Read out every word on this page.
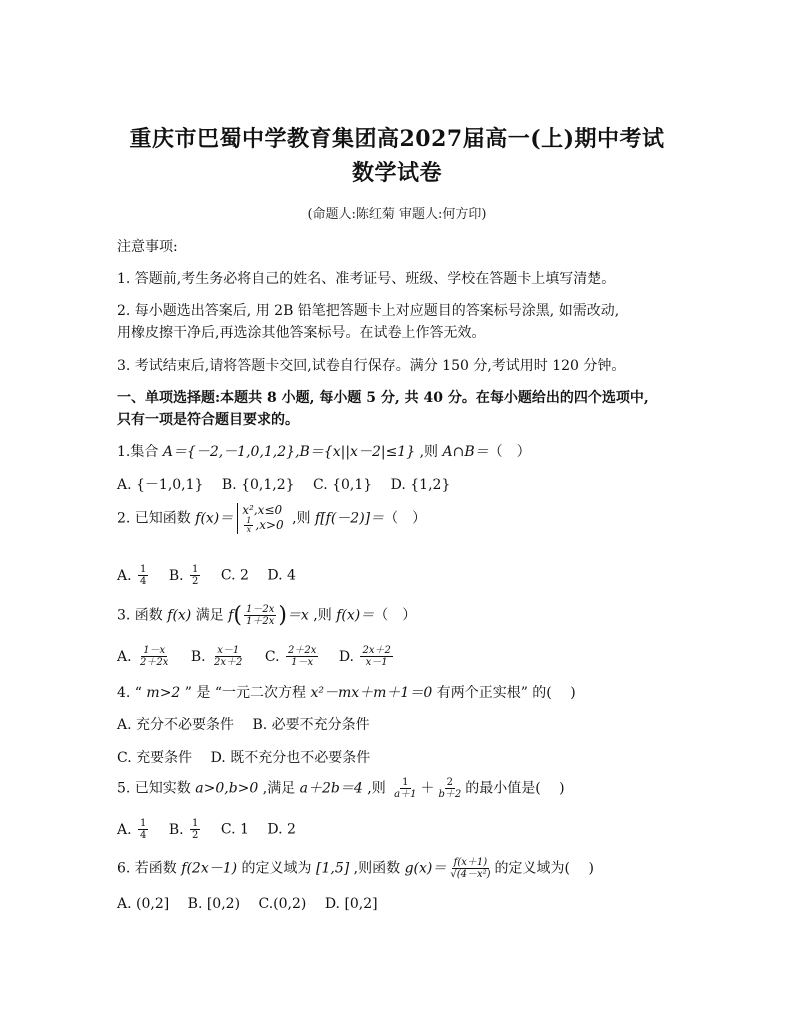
重庆市巴蜀中学教育集团高2027届高一(上)期中考试
数学试卷
(命题人:陈红菊 审题人:何方印)
注意事项:
1. 答题前,考生务必将自己的姓名、准考证号、班级、学校在答题卡上填写清楚。
2. 每小题选出答案后, 用 2B 铅笔把答题卡上对应题目的答案标号涂黑, 如需改动,
用橡皮擦干净后,再选涂其他答案标号。在试卷上作答无效。
3. 考试结束后,请将答题卡交回,试卷自行保存。满分 150 分,考试用时 120 分钟。
一、单项选择题:本题共 8 小题, 每小题 5 分, 共 40 分。在每小题给出的四个选项中,
只有一项是符合题目要求的。
1.集合 A＝{－2,－1,0,1,2},B＝{x||x－2|≤1} ,则 A∩B＝（　）
A. {－1,0,1} B. {0,1,2} C. {0,1} D. {1,2}
2. 已知函数 f(x)＝
x²,x≤0
$\frac{1}{x} ,x>0$ ,则 f[f(－2)]＝（　）
A. $\frac{1}{4} B$. $\frac{1}{2} C$. 2 D. 4
3. 函数 f(x) 满足 $f( \frac{1-2x}{1+2x} )=x$ ,则 f(x)＝（　）
A. $\frac{1-x}{2+2x} B$. $\frac{x-1}{2x+2} C$. $\frac{2+2x}{1-x} D$. $\frac{2x+2}{x-1}$
4. “ m>2 ” 是 “一元二次方程 x²－mx＋m＋1＝0 有两个正实根” 的(　 )
A. 充分不必要条件 B. 必要不充分条件
C. 充要条件 D. 既不充分也不必要条件
5. 已知实数 a>0,b>0 ,满足 a＋2b＝4 ,则 $\frac{1}{a+1} + \frac{2}{b+2}$ 的最小值是(　 )
A. $\frac{1}{4} B$. $\frac{1}{2} C$. 1 D. 2
6. 若函数 f(2x－1) 的定义域为 [1,5] ,则函数 $g(x)= \frac{f(x+1)}{\text{√(4－x²)}}$ 的定义域为(　 )
A. (0,2] B. [0,2) C.(0,2) D. [0,2]
